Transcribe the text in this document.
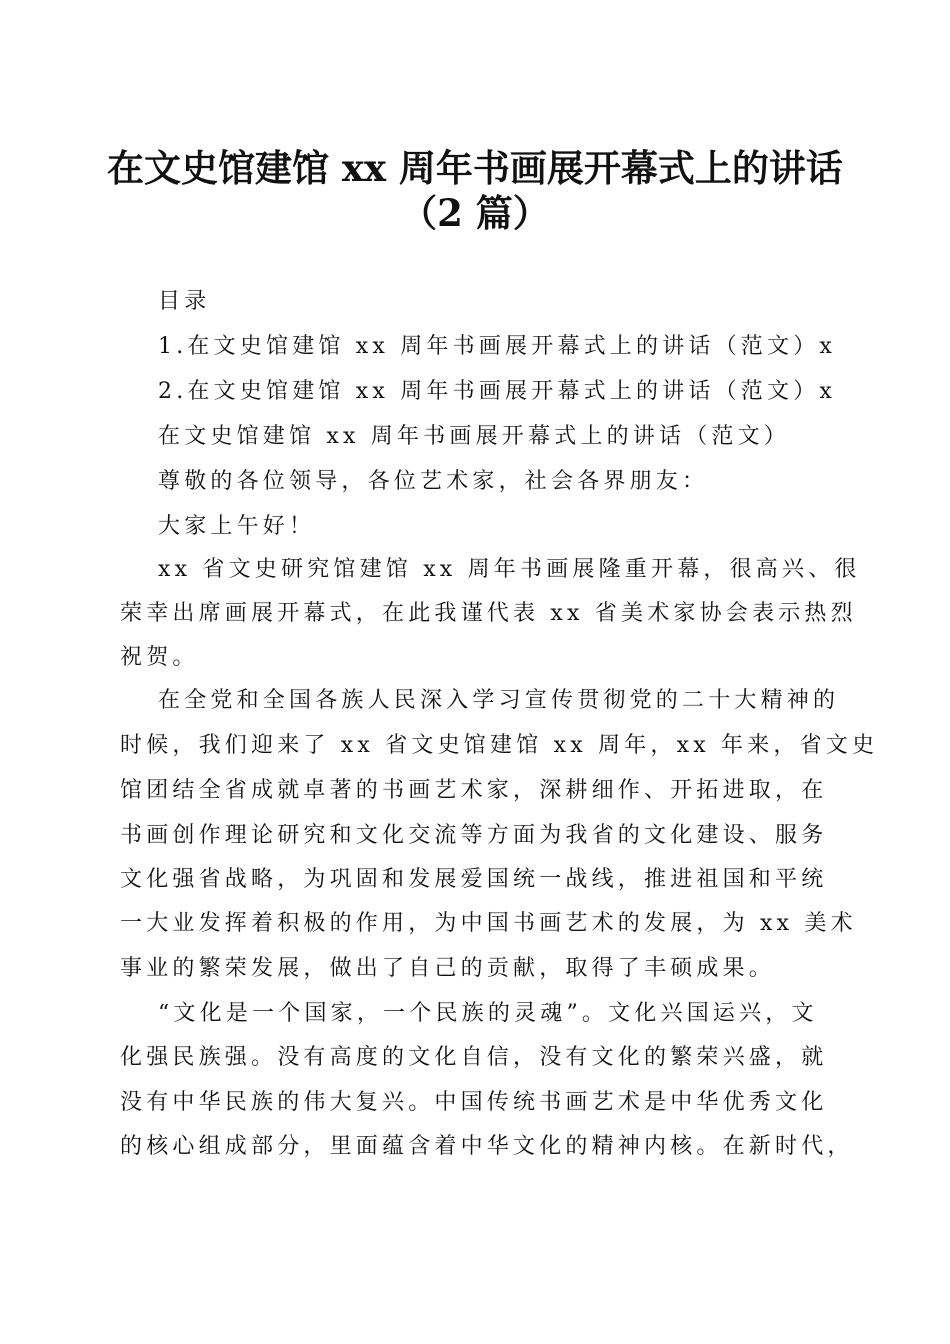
在文史馆建馆 xx 周年书画展开幕式上的讲话
（2 篇）
目录
1.在文史馆建馆 xx 周年书画展开幕式上的讲话（范文）x
2.在文史馆建馆 xx 周年书画展开幕式上的讲话（范文）x
在文史馆建馆 xx 周年书画展开幕式上的讲话（范文）
尊敬的各位领导，各位艺术家，社会各界朋友：
大家上午好！
xx 省文史研究馆建馆 xx 周年书画展隆重开幕，很高兴、很
荣幸出席画展开幕式，在此我谨代表 xx 省美术家协会表示热烈
祝贺。
在全党和全国各族人民深入学习宣传贯彻党的二十大精神的
时候，我们迎来了 xx 省文史馆建馆 xx 周年，xx 年来，省文史
馆团结全省成就卓著的书画艺术家，深耕细作、开拓进取，在
书画创作理论研究和文化交流等方面为我省的文化建设、服务
文化强省战略，为巩固和发展爱国统一战线，推进祖国和平统
一大业发挥着积极的作用，为中国书画艺术的发展，为 xx 美术
事业的繁荣发展，做出了自己的贡献，取得了丰硕成果。
“文化是一个国家，一个民族的灵魂”。文化兴国运兴，文
化强民族强。没有高度的文化自信，没有文化的繁荣兴盛，就
没有中华民族的伟大复兴。中国传统书画艺术是中华优秀文化
的核心组成部分，里面蕴含着中华文化的精神内核。在新时代，
